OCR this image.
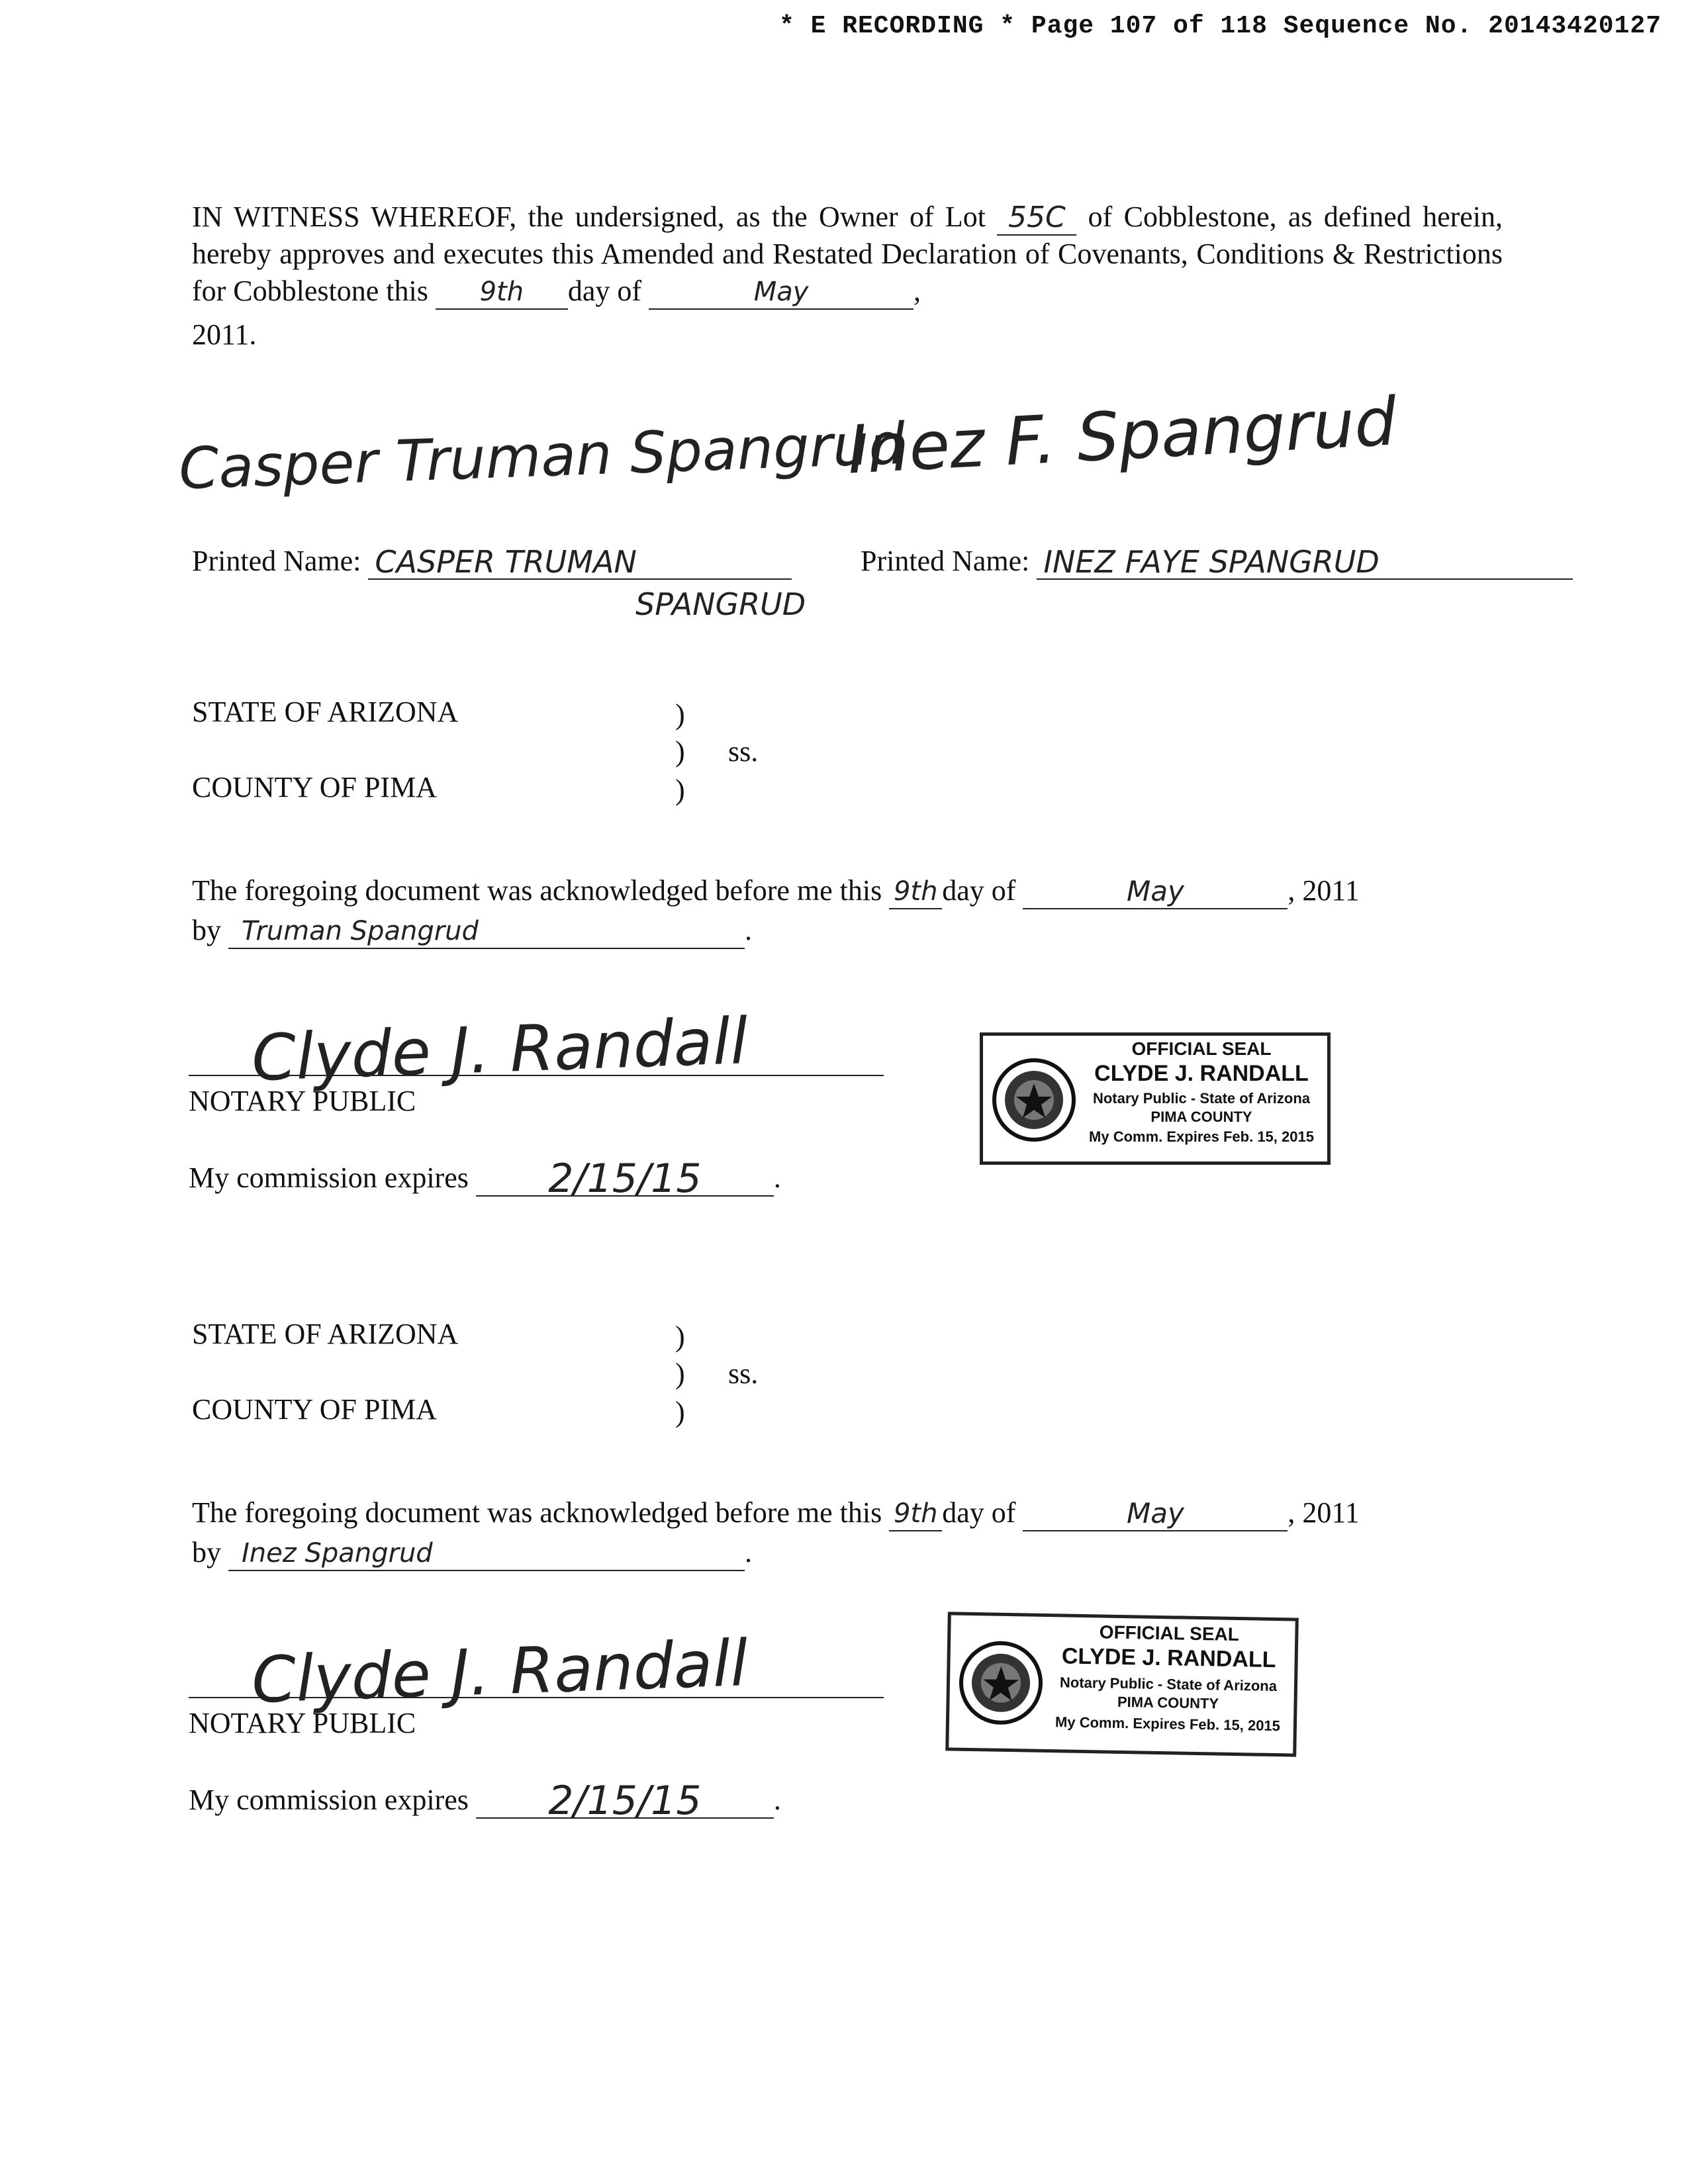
* E RECORDING * Page 107 of 118 Sequence No. 20143420127
IN WITNESS WHEREOF, the undersigned, as the Owner of Lot 55C of Cobblestone, as defined herein, hereby approves and executes this Amended and Restated Declaration of Covenants, Conditions & Restrictions for Cobblestone this 9th day of	May	,
2011.
Casper Truman Spangrud
Inez F. Spangrud
Printed Name: CASPER TRUMAN
SPANGRUD
Printed Name: INEZ FAYE SPANGRUD
STATE OF ARIZONA
COUNTY OF PIMA
)
)
)
ss.
The foregoing document was acknowledged before me this 9th day of	May	, 2011
by Truman Spangrud	.
Clyde J. Randall
NOTARY PUBLIC
My commission expires 2/15/15 .
OFFICIAL SEAL
CLYDE J. RANDALL
Notary Public - State of Arizona
PIMA COUNTY
My Comm. Expires Feb. 15, 2015
STATE OF ARIZONA
COUNTY OF PIMA
)
)
)
ss.
The foregoing document was acknowledged before me this 9th day of	May	, 2011
by Inez Spangrud	.
Clyde J. Randall
NOTARY PUBLIC
My commission expires 2/15/15 .
OFFICIAL SEAL
CLYDE J. RANDALL
Notary Public - State of Arizona
PIMA COUNTY
My Comm. Expires Feb. 15, 2015
